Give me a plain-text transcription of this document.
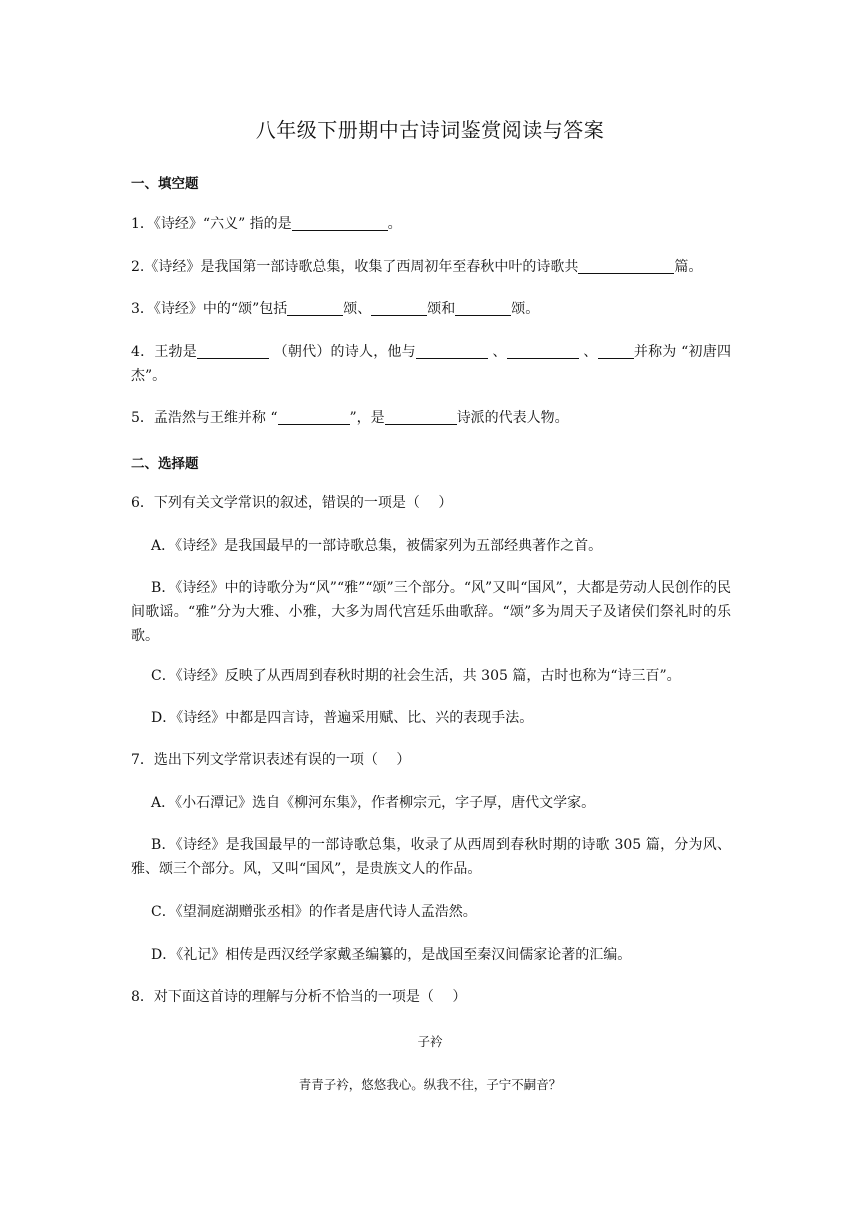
八年级下册期中古诗词鉴赏阅读与答案
一、填空题
1．《诗经》“六义” 指的是	。
2.《诗经》是我国第一部诗歌总集，收集了西周初年至春秋中叶的诗歌共	篇。
3．《诗经》中的“颂”包括	颂、	颂和	颂。
4．王勃是	（朝代）的诗人，他与	、	、	并称为 “初唐四杰”。
5．孟浩然与王维并称 “	”，是	诗派的代表人物。
二、选择题
6．下列有关文学常识的叙述，错误的一项是（　 ）
A．《诗经》是我国最早的一部诗歌总集，被儒家列为五部经典著作之首。
B．《诗经》中的诗歌分为“风”“雅”“颂”三个部分。“风”又叫“国风”，大都是劳动人民创作的民间歌谣。“雅”分为大雅、小雅，大多为周代宫廷乐曲歌辞。“颂”多为周天子及诸侯们祭礼时的乐歌。
C．《诗经》反映了从西周到春秋时期的社会生活，共 305 篇，古时也称为“诗三百”。
D．《诗经》中都是四言诗，普遍采用赋、比、兴的表现手法。
7．选出下列文学常识表述有误的一项（　 ）
A．《小石潭记》选自《柳河东集》，作者柳宗元，字子厚，唐代文学家。
B．《诗经》是我国最早的一部诗歌总集，收录了从西周到春秋时期的诗歌 305 篇，分为风、雅、颂三个部分。风，又叫“国风”，是贵族文人的作品。
C．《望洞庭湖赠张丞相》的作者是唐代诗人孟浩然。
D．《礼记》相传是西汉经学家戴圣编纂的，是战国至秦汉间儒家论著的汇编。
8．对下面这首诗的理解与分析不恰当的一项是（　 ）
子衿
青青子衿，悠悠我心。纵我不往，子宁不嗣音？
